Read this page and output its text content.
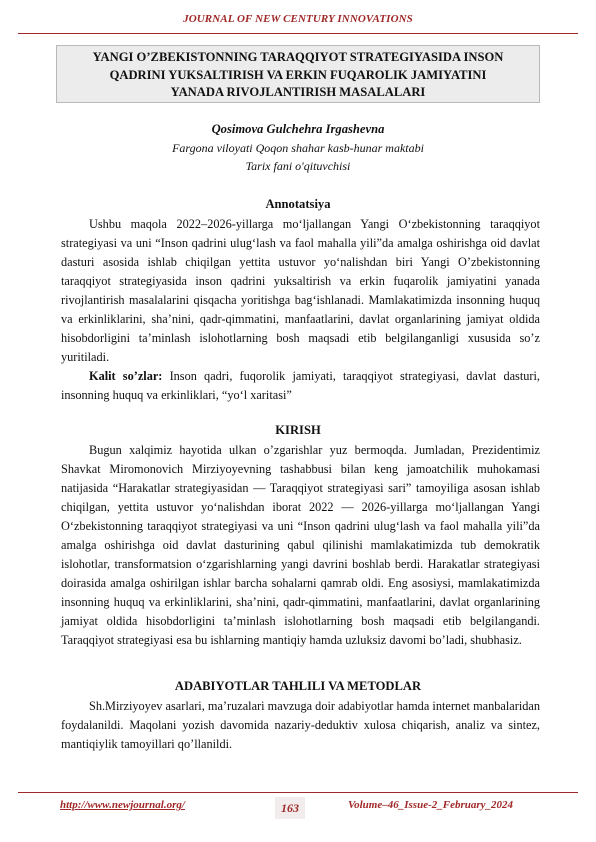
JOURNAL OF NEW CENTURY INNOVATIONS
YANGI O’ZBEKISTONNING TARAQQIYOT STRATEGIYASIDA INSON
QADRINI YUKSALTIRISH VA ERKIN FUQAROLIK JAMIYATINI
YANADA RIVOJLANTIRISH MASALALARI
Qosimova Gulchehra Irgashevna
Fargona viloyati Qoqon shahar kasb-hunar maktabi
Tarix fani o'qituvchisi
Annotatsiya

Ushbu maqola 2022–2026-yillarga mo‘ljallangan Yangi O‘zbekistonning taraqqiyot strategiyasi va uni “Inson qadrini ulug‘lash va faol mahalla yili”da amalga oshirishga oid davlat dasturi asosida ishlab chiqilgan yettita ustuvor yo‘nalishdan biri Yangi O’zbekistonning taraqqiyot strategiyasida inson qadrini yuksaltirish va erkin fuqarolik jamiyatini yanada rivojlantirish masalalarini qisqacha yoritishga bag‘ishlanadi. Mamlakatimizda insonning huquq va erkinliklarini, sha’nini, qadr-qimmatini, manfaatlarini, davlat organlarining jamiyat oldida hisobdorligini ta’minlash islohotlarning bosh maqsadi etib belgilanganligi xususida so’z yuritiladi.

Kalit so’zlar: Inson qadri, fuqorolik jamiyati, taraqqiyot strategiyasi, davlat dasturi, insonning huquq va erkinliklari, “yo‘l xaritasi”

KIRISH

Bugun xalqimiz hayotida ulkan o’zgarishlar yuz bermoqda. Jumladan, Prezidentimiz Shavkat Miromonovich Mirziyoyevning tashabbusi bilan keng jamoatchilik muhokamasi natijasida “Harakatlar strategiyasidan — Taraqqiyot strategiyasi sari” tamoyiliga asosan ishlab chiqilgan, yettita ustuvor yo‘nalishdan iborat 2022 — 2026-yillarga mo‘ljallangan Yangi O‘zbekistonning taraqqiyot strategiyasi va uni “Inson qadrini ulug‘lash va faol mahalla yili”da amalga oshirishga oid davlat dasturining qabul qilinishi mamlakatimizda tub demokratik islohotlar, transformatsion o‘zgarishlarning yangi davrini boshlab berdi. Harakatlar strategiyasi doirasida amalga oshirilgan ishlar barcha sohalarni qamrab oldi. Eng asosiysi, mamlakatimizda insonning huquq va erkinliklarini, sha’nini, qadr-qimmatini, manfaatlarini, davlat organlarining jamiyat oldida hisobdorligini ta’minlash islohotlarning bosh maqsadi etib belgilangandi. Taraqqiyot strategiyasi esa bu ishlarning mantiqiy hamda uzluksiz davomi bo’ladi, shubhasiz.

ADABIYOTLAR TAHLILI VA METODLAR

Sh.Mirziyoyev asarlari, ma’ruzalari mavzuga doir adabiyotlar hamda internet manbalaridan foydalanildi. Maqolani yozish davomida nazariy-deduktiv xulosa chiqarish, analiz va sintez, mantiqiylik tamoyillari qo’llanildi.

http://www.newjournal.org/	163	Volume–46_Issue-2_February_2024
